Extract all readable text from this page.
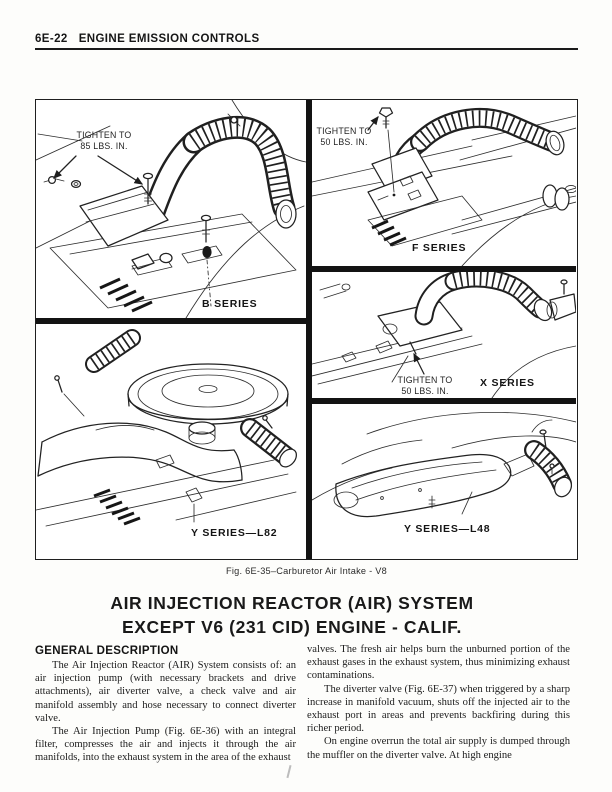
6E-22 ENGINE EMISSION CONTROLS
TIGHTEN TO
85 LBS. IN.
B SERIES
TIGHTEN TO
50 LBS. IN.
F SERIES
TIGHTEN TO
50 LBS. IN.
X SERIES
Y SERIES—L82	Y SERIES—L48
Fig. 6E-35–Carburetor Air Intake - V8
AIR INJECTION REACTOR (AIR) SYSTEM
EXCEPT V6 (231 CID) ENGINE - CALIF.
GENERAL DESCRIPTION

The Air Injection Reactor (AIR) System consists of: an air injection pump (with necessary brackets and drive attachments), air diverter valve, a check valve and air manifold assembly and hose necessary to connect diverter valve.

The Air Injection Pump (Fig. 6E-36) with an integral filter, compresses the air and injects it through the air manifolds, into the exhaust system in the area of the exhaust

valves. The fresh air helps burn the unburned portion of the exhaust gases in the exhaust system, thus minimizing exhaust contaminations.

The diverter valve (Fig. 6E-37) when triggered by a sharp increase in manifold vacuum, shuts off the injected air to the exhaust port in areas and prevents backfiring during this richer period.

On engine overrun the total air supply is dumped through the muffler on the diverter valve. At high engine
